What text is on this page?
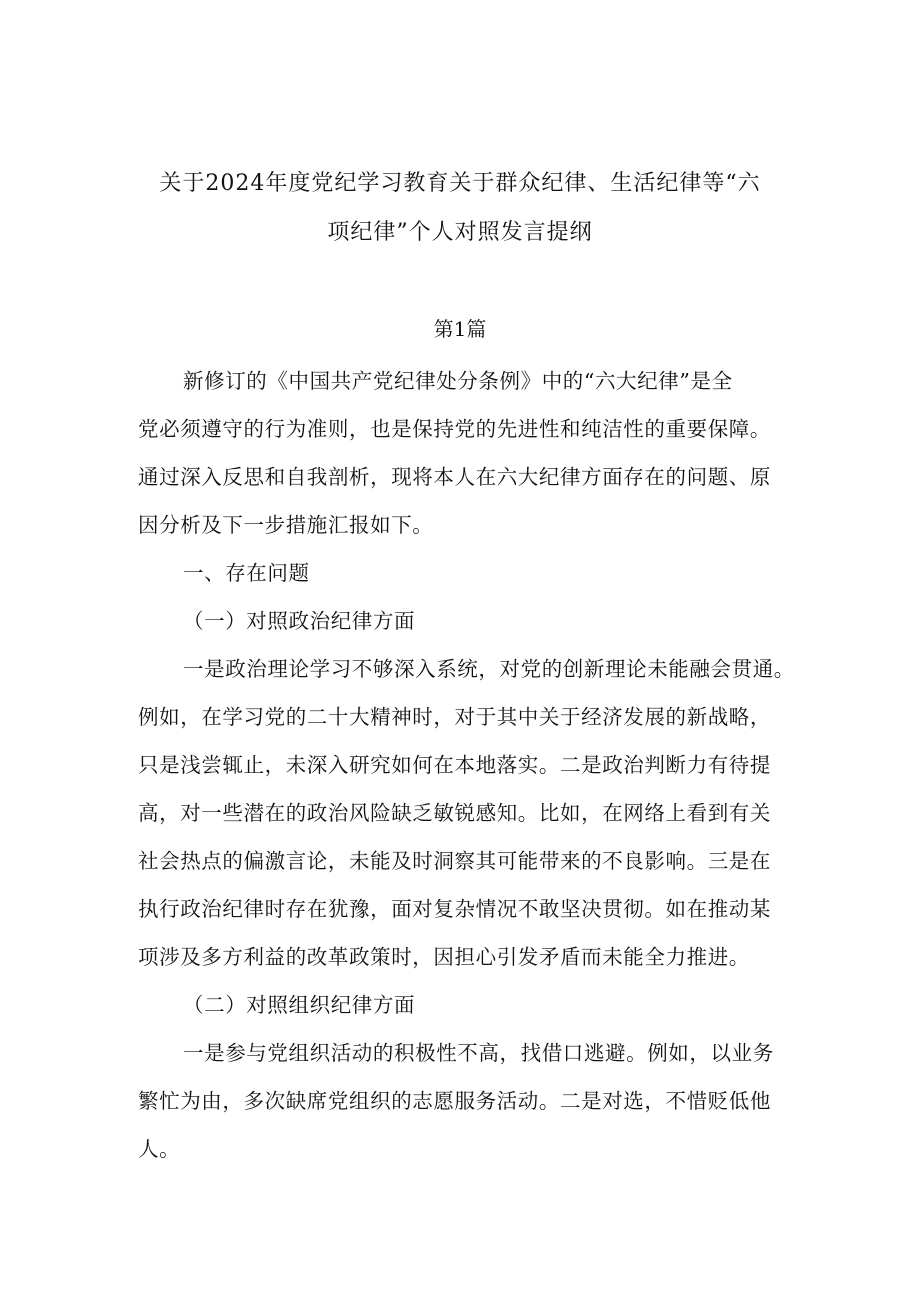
关于2024年度党纪学习教育关于群众纪律、生活纪律等“六
项纪律”个人对照发言提纲
第1篇
新修订的《中国共产党纪律处分条例》中的“六大纪律”是全
党必须遵守的行为准则，也是保持党的先进性和纯洁性的重要保障。
通过深入反思和自我剖析，现将本人在六大纪律方面存在的问题、原
因分析及下一步措施汇报如下。
一、存在问题
（一）对照政治纪律方面
一是政治理论学习不够深入系统，对党的创新理论未能融会贯通。
例如，在学习党的二十大精神时，对于其中关于经济发展的新战略，
只是浅尝辄止，未深入研究如何在本地落实。二是政治判断力有待提
高，对一些潜在的政治风险缺乏敏锐感知。比如，在网络上看到有关
社会热点的偏激言论，未能及时洞察其可能带来的不良影响。三是在
执行政治纪律时存在犹豫，面对复杂情况不敢坚决贯彻。如在推动某
项涉及多方利益的改革政策时，因担心引发矛盾而未能全力推进。
（二）对照组织纪律方面
一是参与党组织活动的积极性不高，找借口逃避。例如，以业务
繁忙为由，多次缺席党组织的志愿服务活动。二是对选，不惜贬低他
人。
